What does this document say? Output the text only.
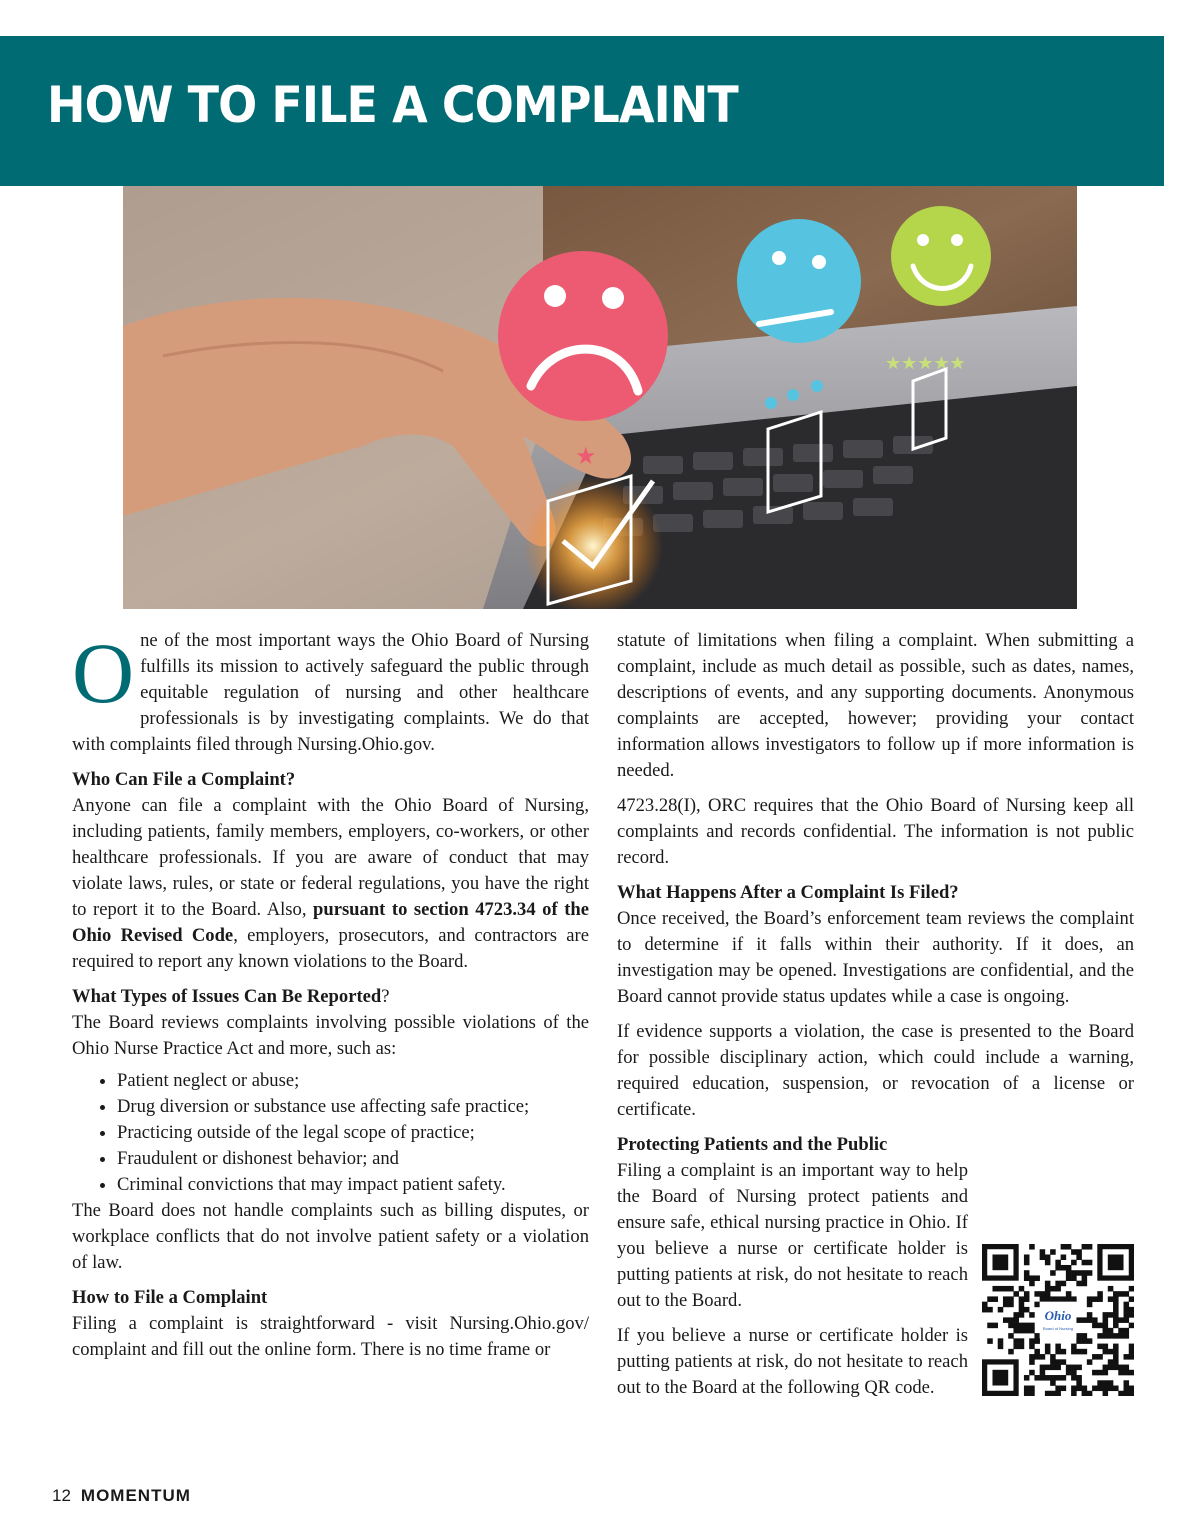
HOW TO FILE A COMPLAINT
★★★★★
★

One of the most important ways the Ohio Board of Nursing fulfills its mission to actively safeguard the public through equitable regulation of nursing and other healthcare professionals is by investigating complaints. We do that with complaints filed through Nursing.Ohio.gov.

Who Can File a Complaint?

Anyone can file a complaint with the Ohio Board of Nursing, including patients, family members, employers, co-workers, or other healthcare professionals. If you are aware of conduct that may violate laws, rules, or state or federal regulations, you have the right to report it to the Board. Also, pursuant to section 4723.34 of the Ohio Revised Code, employers, prosecutors, and contractors are required to report any known violations to the Board.

What Types of Issues Can Be Reported?

The Board reviews complaints involving possible violations of the Ohio Nurse Practice Act and more, such as:

• Patient neglect or abuse;
• Drug diversion or substance use affecting safe practice;
• Practicing outside of the legal scope of practice;
• Fraudulent or dishonest behavior; and
• Criminal convictions that may impact patient safety.

The Board does not handle complaints such as billing disputes, or workplace conflicts that do not involve patient safety or a violation of law.

How to File a Complaint

Filing a complaint is straightforward - visit Nursing.Ohio.gov/ complaint and fill out the online form. There is no time frame or

statute of limitations when filing a complaint. When submitting a complaint, include as much detail as possible, such as dates, names, descriptions of events, and any supporting documents. Anonymous complaints are accepted, however; providing your contact information allows investigators to follow up if more information is needed.

4723.28(I), ORC requires that the Ohio Board of Nursing keep all complaints and records confidential. The information is not public record.

What Happens After a Complaint Is Filed?

Once received, the Board’s enforcement team reviews the complaint to determine if it falls within their authority. If it does, an investigation may be opened. Investigations are confidential, and the Board cannot provide status updates while a case is ongoing.

If evidence supports a violation, the case is presented to the Board for possible disciplinary action, which could include a warning, required education, suspension, or revocation of a license or certificate.

Protecting Patients and the Public
Ohio
Board of Nursing

Filing a complaint is an important way to help the Board of Nursing protect patients and ensure safe, ethical nursing practice in Ohio. If you believe a nurse or certificate holder is putting patients at risk, do not hesitate to reach out to the Board.

If you believe a nurse or certificate holder is putting patients at risk, do not hesitate to reach out to the Board at the following QR code.

12 MOMENTUM
